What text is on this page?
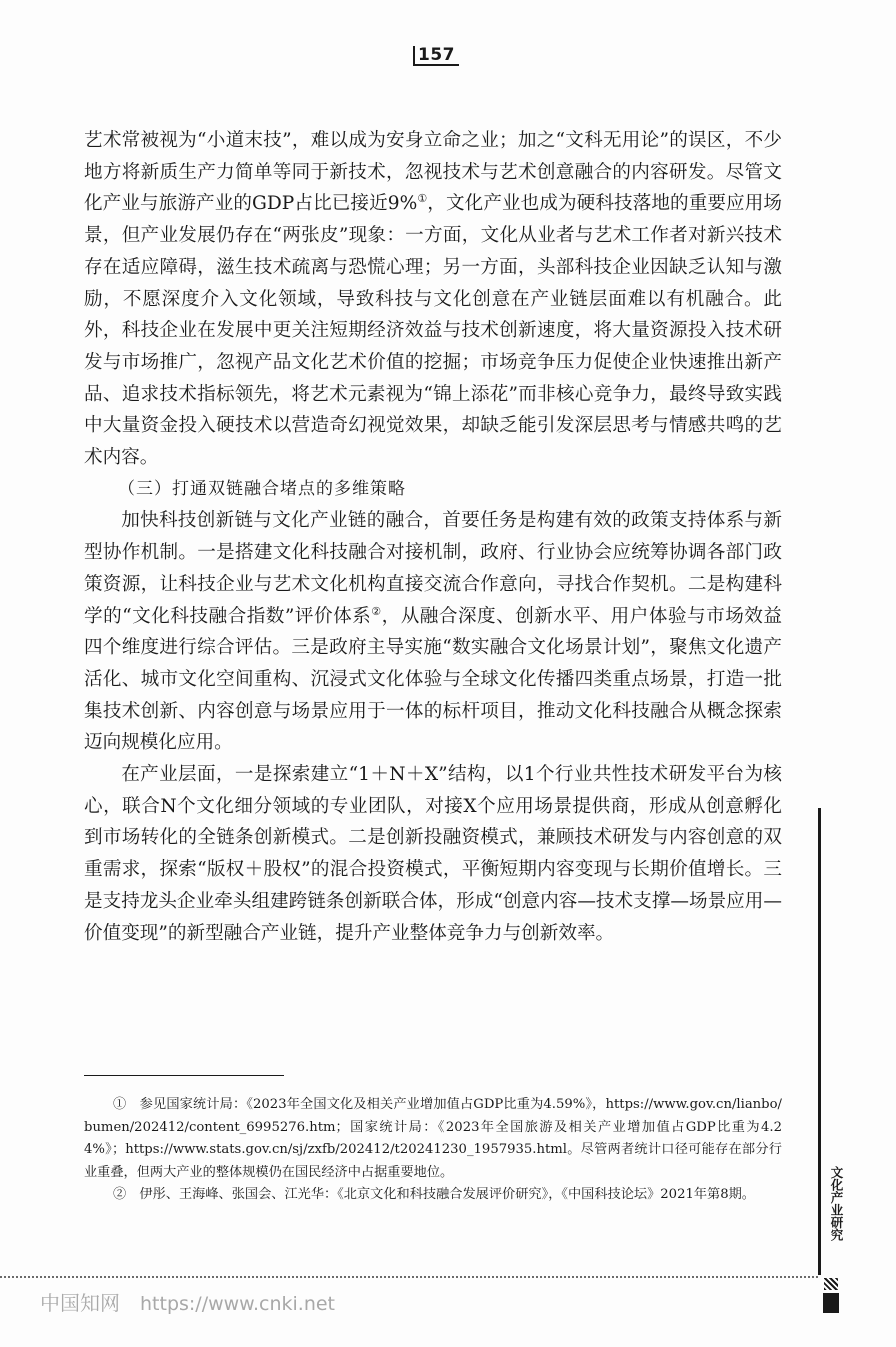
157

艺术常被视为“小道末技”，难以成为安身立命之业；加之“文科无用论”的误区，不少地方将新质生产力简单等同于新技术，忽视技术与艺术创意融合的内容研发。尽管文化产业与旅游产业的GDP占比已接近9%①，文化产业也成为硬科技落地的重要应用场景，但产业发展仍存在“两张皮”现象：一方面，文化从业者与艺术工作者对新兴技术存在适应障碍，滋生技术疏离与恐慌心理；另一方面，头部科技企业因缺乏认知与激励，不愿深度介入文化领域，导致科技与文化创意在产业链层面难以有机融合。此外，科技企业在发展中更关注短期经济效益与技术创新速度，将大量资源投入技术研发与市场推广，忽视产品文化艺术价值的挖掘；市场竞争压力促使企业快速推出新产品、追求技术指标领先，将艺术元素视为“锦上添花”而非核心竞争力，最终导致实践中大量资金投入硬技术以营造奇幻视觉效果，却缺乏能引发深层思考与情感共鸣的艺术内容。

（三）打通双链融合堵点的多维策略

加快科技创新链与文化产业链的融合，首要任务是构建有效的政策支持体系与新型协作机制。一是搭建文化科技融合对接机制，政府、行业协会应统筹协调各部门政策资源，让科技企业与艺术文化机构直接交流合作意向，寻找合作契机。二是构建科学的“文化科技融合指数”评价体系②，从融合深度、创新水平、用户体验与市场效益四个维度进行综合评估。三是政府主导实施“数实融合文化场景计划”，聚焦文化遗产活化、城市文化空间重构、沉浸式文化体验与全球文化传播四类重点场景，打造一批集技术创新、内容创意与场景应用于一体的标杆项目，推动文化科技融合从概念探索迈向规模化应用。

在产业层面，一是探索建立“1＋N＋X”结构，以1个行业共性技术研发平台为核心，联合N个文化细分领域的专业团队，对接X个应用场景提供商，形成从创意孵化到市场转化的全链条创新模式。二是创新投融资模式，兼顾技术研发与内容创意的双重需求，探索“版权＋股权”的混合投资模式，平衡短期内容变现与长期价值增长。三是支持龙头企业牵头组建跨链条创新联合体，形成“创意内容—技术支撑—场景应用—价值变现”的新型融合产业链，提升产业整体竞争力与创新效率。

①　参见国家统计局：《2023年全国文化及相关产业增加值占GDP比重为4.59%》，https://www.gov.cn/lianbo/bumen/202412/content_6995276.htm；国家统计局：《2023年全国旅游及相关产业增加值占GDP比重为4.24%》；https://www.stats.gov.cn/sj/zxfb/202412/t20241230_1957935.html。尽管两者统计口径可能存在部分行业重叠，但两大产业的整体规模仍在国民经济中占据重要地位。

②　伊彤、王海峰、张国会、江光华：《北京文化和科技融合发展评价研究》，《中国科技论坛》2021年第8期。	文化产业研究
中国知网 https://www.cnki.net
